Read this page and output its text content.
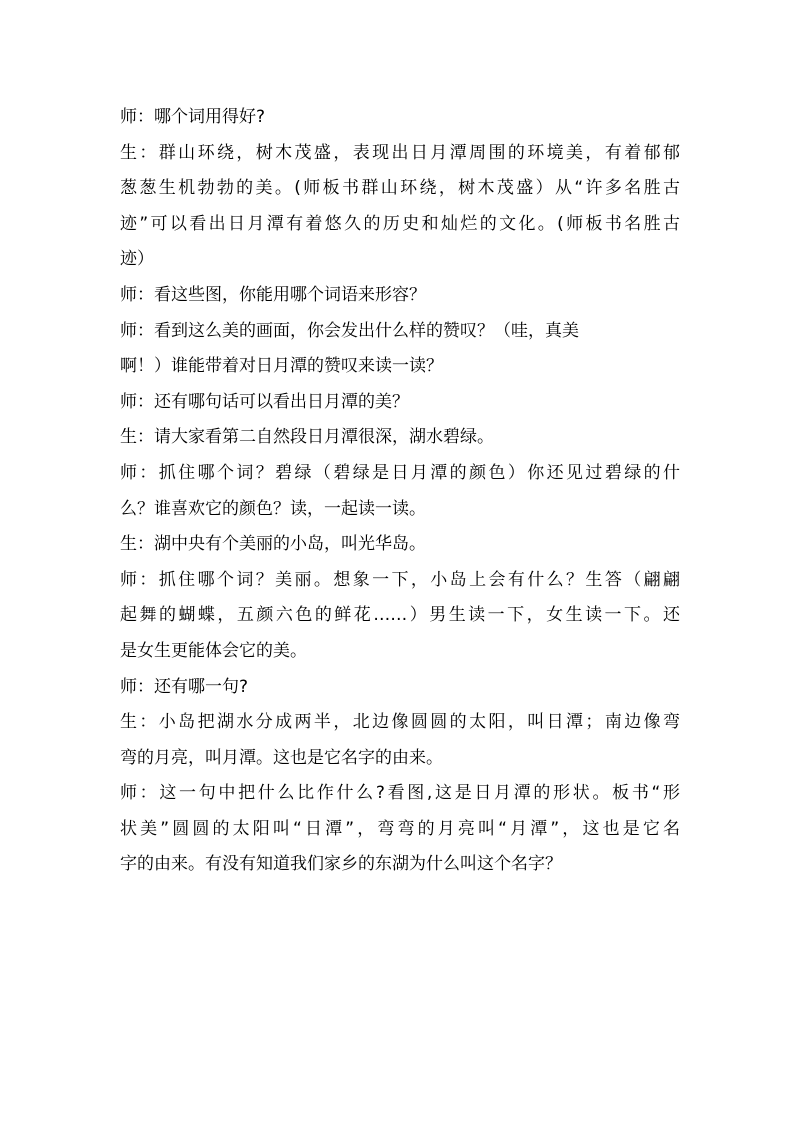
师：哪个词用得好?
生：群山环绕，树木茂盛，表现出日月潭周围的环境美，有着郁郁
葱葱生机勃勃的美。(师板书群山环绕，树木茂盛）从“许多名胜古
迹”可以看出日月潭有着悠久的历史和灿烂的文化。(师板书名胜古
迹）
师：看这些图，你能用哪个词语来形容？
师：看到这么美的画面，你会发出什么样的赞叹？（哇，真美
啊！）谁能带着对日月潭的赞叹来读一读？
师：还有哪句话可以看出日月潭的美？
生：请大家看第二自然段日月潭很深，湖水碧绿。
师：抓住哪个词？碧绿（碧绿是日月潭的颜色）你还见过碧绿的什
么？谁喜欢它的颜色？读，一起读一读。
生：湖中央有个美丽的小岛，叫光华岛。
师：抓住哪个词？美丽。想象一下，小岛上会有什么？生答（翩翩
起舞的蝴蝶，五颜六色的鲜花……）男生读一下，女生读一下。还
是女生更能体会它的美。
师：还有哪一句?
生：小岛把湖水分成两半，北边像圆圆的太阳，叫日潭；南边像弯
弯的月亮，叫月潭。这也是它名字的由来。
师：这一句中把什么比作什么?看图,这是日月潭的形状。板书“形
状美”圆圆的太阳叫“日潭”，弯弯的月亮叫“月潭”，这也是它名
字的由来。有没有知道我们家乡的东湖为什么叫这个名字？
